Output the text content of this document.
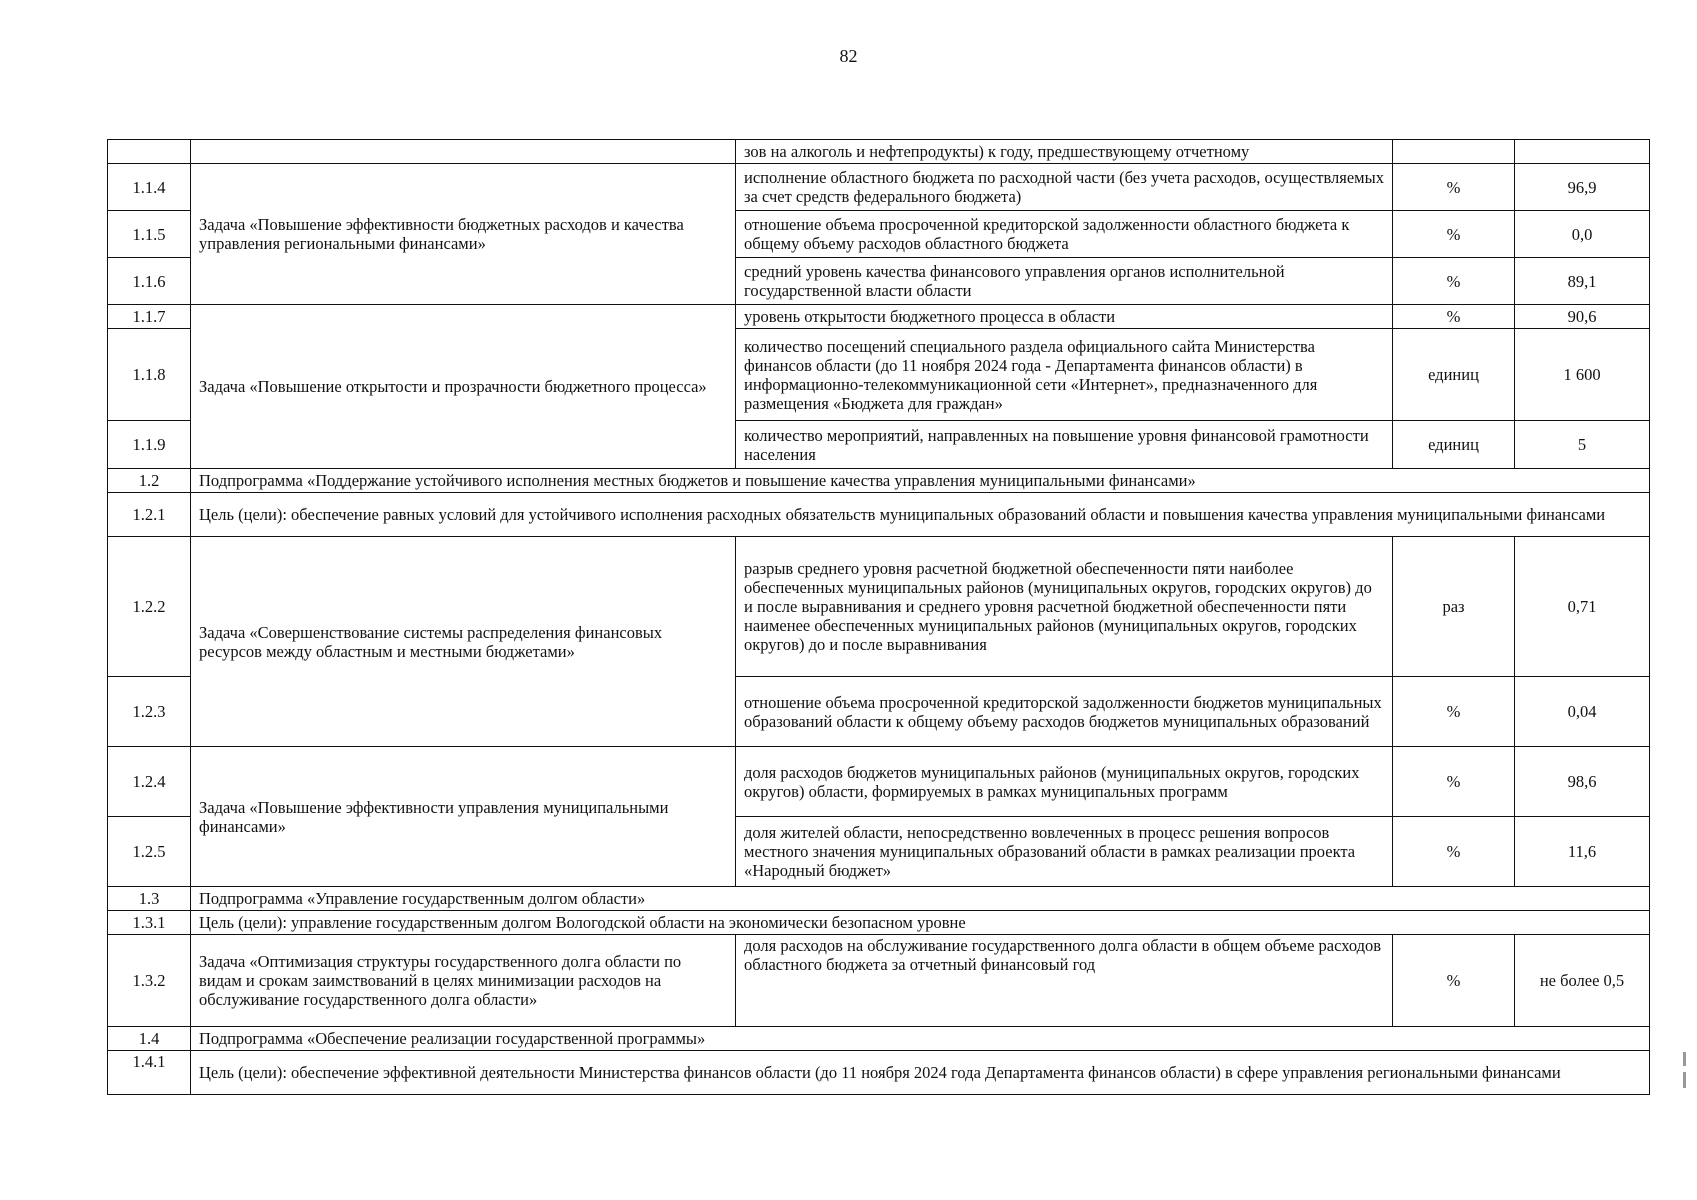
82
		зов на алкоголь и нефтепродукты) к году, предшествующему отчетному		
1.1.4	Задача «Повышение эффективности бюджетных расходов и качества управления региональными финансами»	исполнение областного бюджета по расходной части (без учета расходов, осуществляемых за счет средств федерального бюджета)	%	96,9
1.1.5		отношение объема просроченной кредиторской задолженности областного бюджета к общему объему расходов областного бюджета	%	0,0
1.1.6		средний уровень качества финансового управления органов исполнительной государственной власти области	%	89,1
1.1.7	Задача «Повышение открытости и прозрачности бюджетного процесса»	уровень открытости бюджетного процесса в области	%	90,6
1.1.8		количество посещений специального раздела официального сайта Министерства финансов области (до 11 ноября 2024 года - Департамента финансов области) в информационно-телекоммуникационной сети «Интернет», предназначенного для размещения «Бюджета для граждан»	единиц	1 600
1.1.9		количество мероприятий, направленных на повышение уровня финансовой грамотности населения	единиц	5
1.2	Подпрограмма «Поддержание устойчивого исполнения местных бюджетов и повышение качества управления муниципальными финансами»			
1.2.1	Цель (цели): обеспечение равных условий для устойчивого исполнения расходных обязательств муниципальных образований области и повышения качества управления муниципальными финансами			
1.2.2	Задача «Совершенствование системы распределения финансовых ресурсов между областным и местными бюджетами»	разрыв среднего уровня расчетной бюджетной обеспеченности пяти наиболее обеспеченных муниципальных районов (муниципальных округов, городских округов) до и после выравнивания и среднего уровня расчетной бюджетной обеспеченности пяти наименее обеспеченных муниципальных районов (муниципальных округов, городских округов) до и после выравнивания	раз	0,71
1.2.3		отношение объема просроченной кредиторской задолженности бюджетов муниципальных образований области к общему объему расходов бюджетов муниципальных образований	%	0,04
1.2.4	Задача «Повышение эффективности управления муниципальными финансами»	доля расходов бюджетов муниципальных районов (муниципальных округов, городских округов) области, формируемых в рамках муниципальных программ	%	98,6
1.2.5		доля жителей области, непосредственно вовлеченных в процесс решения вопросов местного значения муниципальных образований области в рамках реализации проекта «Народный бюджет»	%	11,6
1.3	Подпрограмма «Управление государственным долгом области»			
1.3.1	Цель (цели): управление государственным долгом Вологодской области на экономически безопасном уровне			
1.3.2	Задача «Оптимизация структуры государственного долга области по видам и срокам заимствований в целях минимизации расходов на обслуживание государственного долга области»	доля расходов на обслуживание государственного долга области в общем объеме расходов областного бюджета за отчетный финансовый год	%	не более 0,5
1.4	Подпрограмма «Обеспечение реализации государственной программы»			
1.4.1	Цель (цели): обеспечение эффективной деятельности Министерства финансов области (до 11 ноября 2024 года Департамента финансов области) в сфере управления региональными финансами			
